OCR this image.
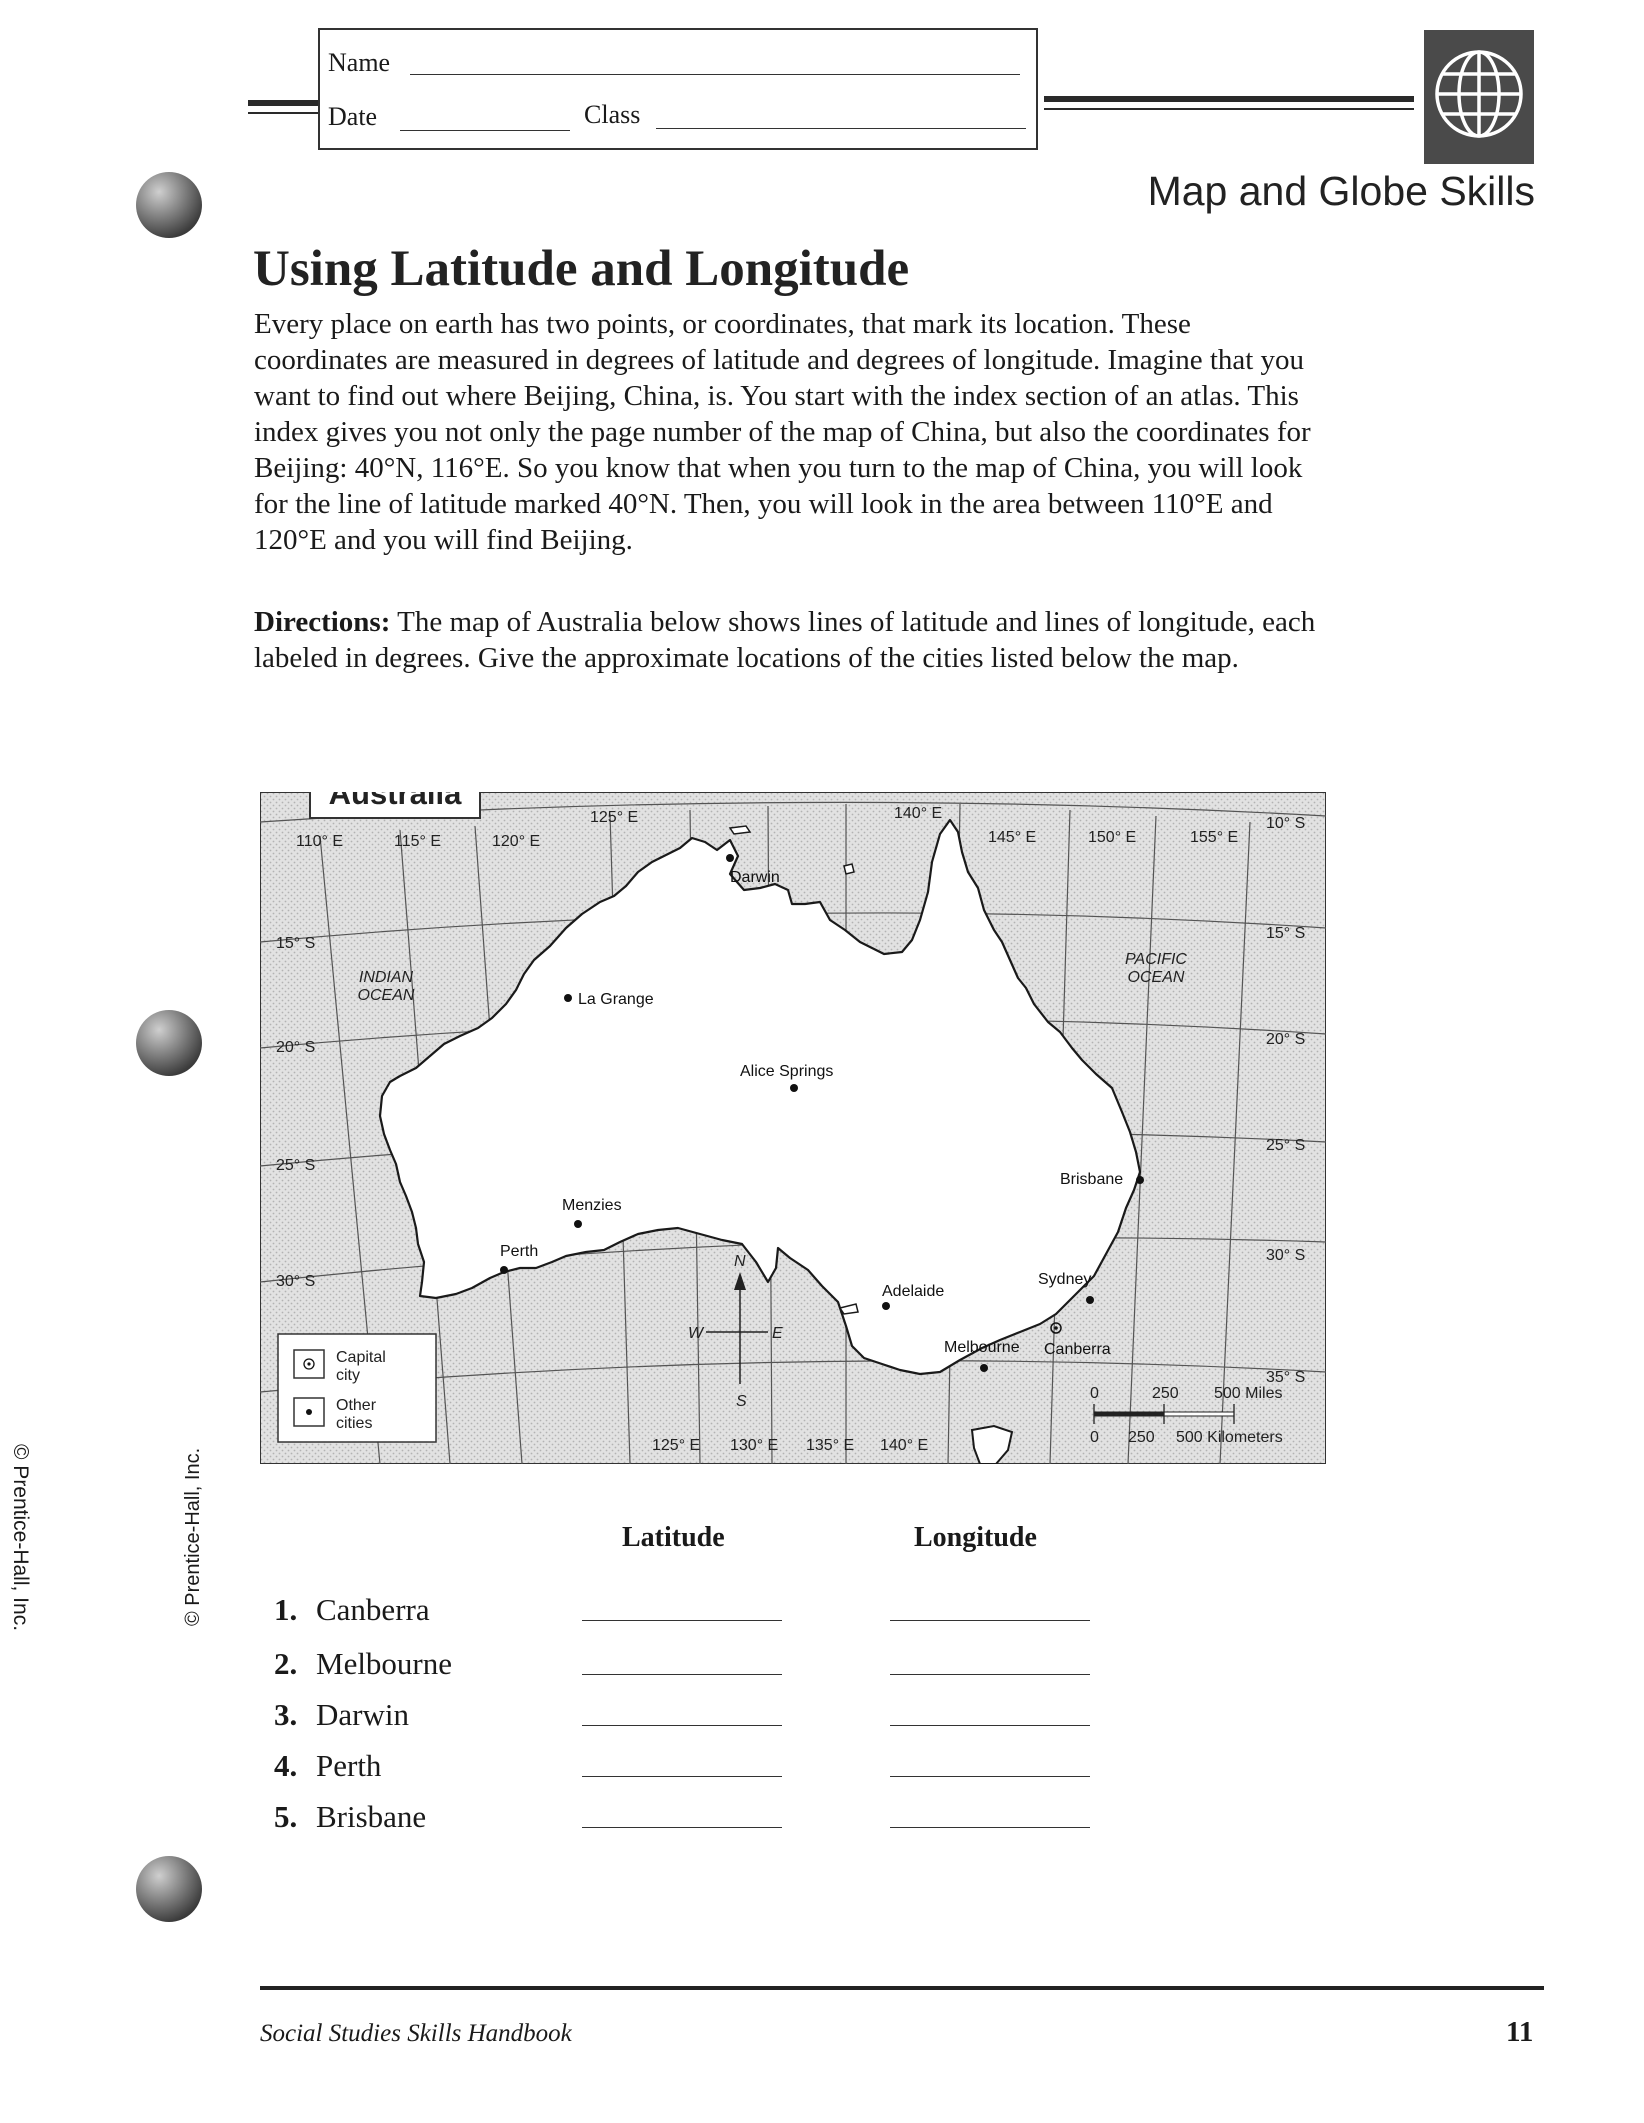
Name
Date	Class
Map and Globe Skills
Using Latitude and Longitude

Every place on earth has two points, or coordinates, that mark its location. These coordinates are measured in degrees of latitude and degrees of longitude. Imagine that you want to find out where Beijing, China, is. You start with the index section of an atlas. This index gives you not only the page number of the map of China, but also the coordinates for Beijing: 40°N, 116°E. So you know that when you turn to the map of China, you will look for the line of latitude marked 40°N. Then, you will look in the area between 110°E and 120°E and you will find Beijing.

Directions: The map of Australia below shows lines of latitude and lines of longitude, each labeled in degrees. Give the approximate locations of the cities listed below the map.
Australia
110° E	115° E	120° E
125° E	140° E
145° E	150° E	155° E
125° E 130° E 135° E 140° E
15° S
20° S
25° S
30° S
10° S
15° S
20° S
25° S
30° S
35° S
INDIAN
OCEAN
PACIFIC
OCEAN
Darwin
La Grange
Alice Springs
Brisbane
Menzies
Perth
Adelaide
Sydney
Melbourne Canberra
N
S
E
W
Capital
city
Other
cities
0	250 500 Miles
0 250 500 Kilometers
© Prentice-Hall, Inc.
© Prentice-Hall, Inc.	Latitude	Longitude
1. Canberra
2. Melbourne
3. Darwin
4. Perth
5. Brisbane
Social Studies Skills Handbook	11
